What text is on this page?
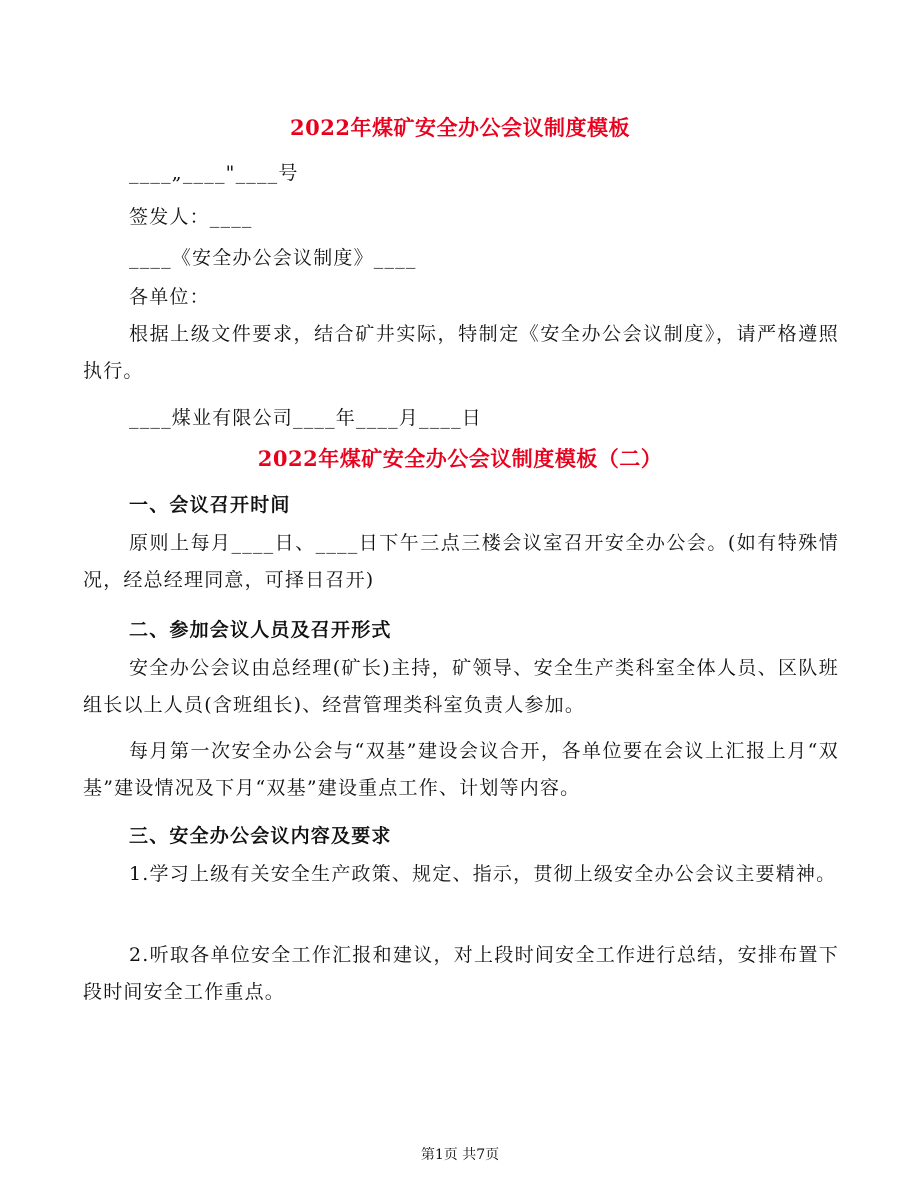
2022年煤矿安全办公会议制度模板
____„____"____号
签发人：____
____《安全办公会议制度》____
各单位：
根据上级文件要求，结合矿井实际，特制定《安全办公会议制度》，请严格遵照执行。
____煤业有限公司____年____月____日
2022年煤矿安全办公会议制度模板（二）
一、会议召开时间
原则上每月____日、____日下午三点三楼会议室召开安全办公会。(如有特殊情况，经总经理同意，可择日召开)
二、参加会议人员及召开形式
安全办公会议由总经理(矿长)主持，矿领导、安全生产类科室全体人员、区队班组长以上人员(含班组长)、经营管理类科室负责人参加。
每月第一次安全办公会与“双基”建设会议合开，各单位要在会议上汇报上月“双基”建设情况及下月“双基”建设重点工作、计划等内容。
三、安全办公会议内容及要求
1.学习上级有关安全生产政策、规定、指示，贯彻上级安全办公会议主要精神。
2.听取各单位安全工作汇报和建议，对上段时间安全工作进行总结，安排布置下段时间安全工作重点。
第1页 共7页
